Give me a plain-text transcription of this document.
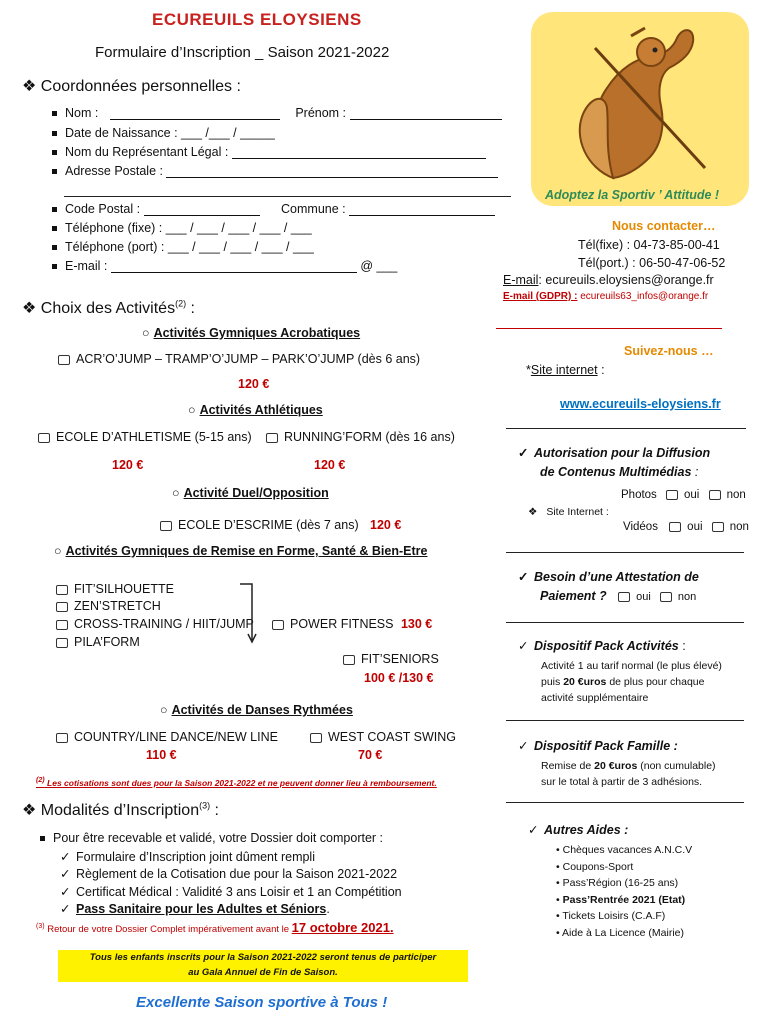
ECUREUILS ELOYSIENS
Formulaire d’Inscription _ Saison 2021-2022
❖ Coordonnées personnelles :
Nom :	Prénom :
Date de Naissance : ___ /___ / _____
Nom du Représentant Légal :
Adresse Postale :
Code Postal :	Commune :
Téléphone (fixe) : ___ / ___ / ___ / ___ / ___
Téléphone (port) : ___ / ___ / ___ / ___ / ___
E-mail :	@ ___
❖ Choix des Activités$^{(2)}$ :
○ Activités Gymniques Acrobatiques
ACR’O’JUMP – TRAMP’O’JUMP – PARK’O’JUMP (dès 6 ans)
120 €
○ Activités Athlétiques
ECOLE D’ATHLETISME (5-15 ans)	RUNNING’FORM (dès 16 ans)
120 €	120 €
○ Activité Duel/Opposition
ECOLE D’ESCRIME (dès 7 ans) 120 €
○ Activités Gymniques de Remise en Forme, Santé & Bien-Etre
FIT’SILHOUETTE
ZEN’STRETCH
CROSS-TRAINING / HIIT/JUMP
PILA’FORM
POWER FITNESS 130 €
FIT’SENIORS
100 € /130 €
○ Activités de Danses Rythmées
COUNTRY/LINE DANCE/NEW LINE	WEST COAST SWING
110 €	70 €
$^{(2)}$ Les cotisations sont dues pour la Saison 2021-2022 et ne peuvent donner lieu à remboursement.
❖ Modalités d’Inscription$^{(3)}$ :
Pour être recevable et validé, votre Dossier doit comporter :
✓ Formulaire d’Inscription joint dûment rempli
✓ Règlement de la Cotisation due pour la Saison 2021-2022
✓ Certificat Médical : Validité 3 ans Loisir et 1 an Compétition
✓ Pass Sanitaire pour les Adultes et Séniors.
$^{(3)}$ Retour de votre Dossier Complet impérativement avant le 17 octobre 2021.
Tous les enfants inscrits pour la Saison 2021-2022 seront tenus de participer
au Gala Annuel de Fin de Saison.
Excellente Saison sportive à Tous !
Adoptez la Sportiv ’ Attitude !
Nous contacter…
Tél(fixe) : 04-73-85-00-41
Tél(port.) : 06-50-47-06-52
E-mail: ecureuils.eloysiens@orange.fr
E-mail (GDPR) : ecureuils63_infos@orange.fr
Suivez-nous …
*Site internet :
www.ecureuils-eloysiens.fr
✓ Autorisation pour la Diffusion
de Contenus Multimédias :
Photos oui non
❖ Site Internet :
Vidéos	oui non
✓ Besoin d’une Attestation de
Paiement ?	oui non
✓ Dispositif Pack Activités :
Activité 1 au tarif normal (le plus élevé)
puis 20 €uros de plus pour chaque
activité supplémentaire
✓ Dispositif Pack Famille :
Remise de 20 €uros (non cumulable)
sur le total à partir de 3 adhésions.
✓ Autres Aides :
• Chèques vacances A.N.C.V
• Coupons-Sport
• Pass’Région (16-25 ans)
• Pass’Rentrée 2021 (Etat)
• Tickets Loisirs (C.A.F)
• Aide à La Licence (Mairie)
